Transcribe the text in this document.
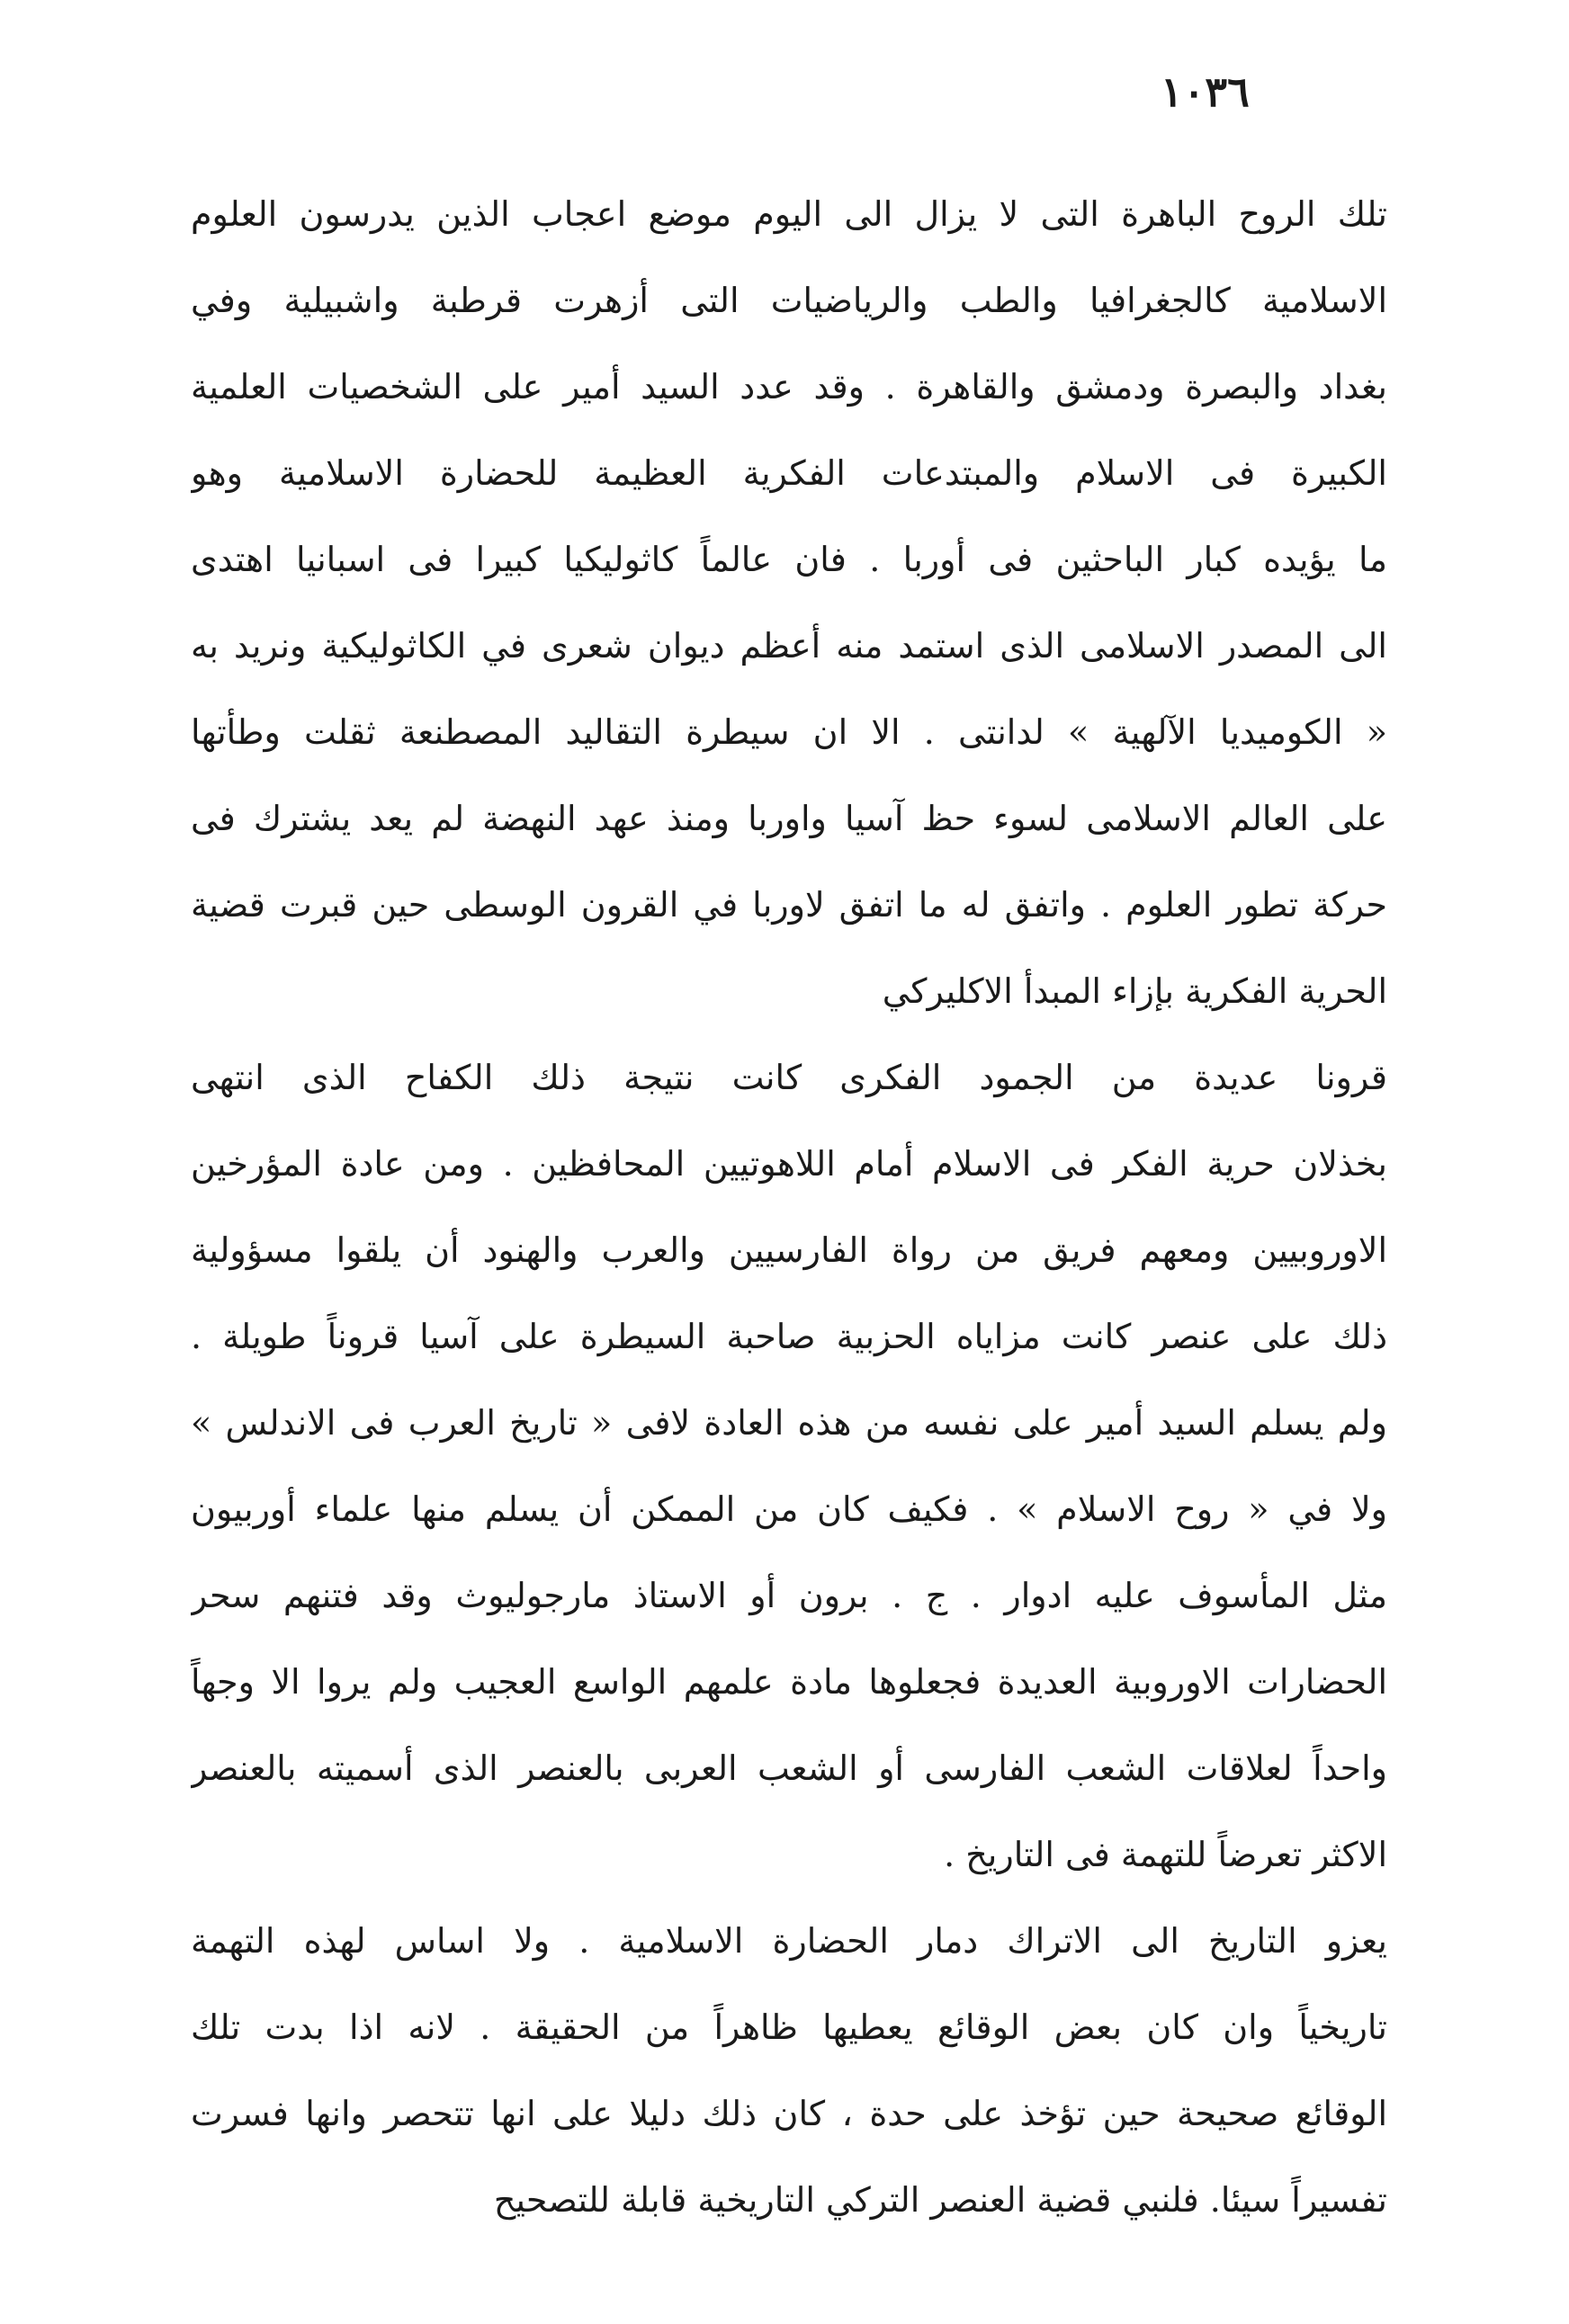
١٠٣٦
تلك الروح الباهرة التى لا يزال الى اليوم موضع اعجاب الذين يدرسون العلوم
الاسلامية كالجغرافيا والطب والرياضيات التى أزهرت قرطبة واشبيلية وفي
بغداد والبصرة ودمشق والقاهرة . وقد عدد السيد أمير على الشخصيات العلمية
الكبيرة فى الاسلام والمبتدعات الفكرية العظيمة للحضارة الاسلامية وهو
ما يؤيده كبار الباحثين فى أوربا . فان عالماً كاثوليكيا كبيرا فى اسبانيا اهتدى
الى المصدر الاسلامى الذى استمد منه أعظم ديوان شعرى في الكاثوليكية ونريد به
« الكوميديا الآلهية » لدانتى . الا ان سيطرة التقاليد المصطنعة ثقلت وطأتها
على العالم الاسلامى لسوء حظ آسيا واوربا ومنذ عهد النهضة لم يعد يشترك فى
حركة تطور العلوم . واتفق له ما اتفق لاوربا في القرون الوسطى حين قبرت قضية
الحرية الفكرية بإزاء المبدأ الاكليركي
قرونا عديدة من الجمود الفكرى كانت نتيجة ذلك الكفاح الذى انتهى
بخذلان حرية الفكر فى الاسلام أمام اللاهوتيين المحافظين . ومن عادة المؤرخين
الاوروبيين ومعهم فريق من رواة الفارسيين والعرب والهنود أن يلقوا مسؤولية
ذلك على عنصر كانت مزاياه الحزبية صاحبة السيطرة على آسيا قروناً طويلة .
ولم يسلم السيد أمير على نفسه من هذه العادة لافى « تاريخ العرب فى الاندلس »
ولا في « روح الاسلام » . فكيف كان من الممكن أن يسلم منها علماء أوربيون
مثل المأسوف عليه ادوار . ج . برون أو الاستاذ مارجوليوث وقد فتنهم سحر
الحضارات الاوروبية العديدة فجعلوها مادة علمهم الواسع العجيب ولم يروا الا وجهاً
واحداً لعلاقات الشعب الفارسى أو الشعب العربى بالعنصر الذى أسميته بالعنصر
الاكثر تعرضاً للتهمة فى التاريخ .
يعزو التاريخ الى الاتراك دمار الحضارة الاسلامية . ولا اساس لهذه التهمة
تاريخياً وان كان بعض الوقائع يعطيها ظاهراً من الحقيقة . لانه اذا بدت تلك
الوقائع صحيحة حين تؤخذ على حدة ، كان ذلك دليلا على انها تتحصر وانها فسرت
تفسيراً سيئا. فلنبي قضية العنصر التركي التاريخية قابلة للتصحيح
